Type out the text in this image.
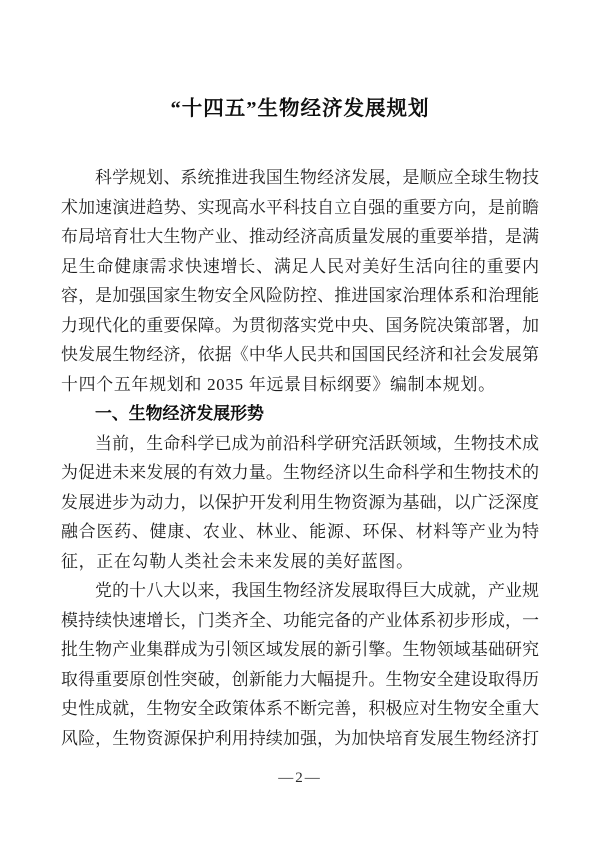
“十四五”生物经济发展规划
科学规划、系统推进我国生物经济发展，是顺应全球生物技
术加速演进趋势、实现高水平科技自立自强的重要方向，是前瞻
布局培育壮大生物产业、推动经济高质量发展的重要举措，是满
足生命健康需求快速增长、满足人民对美好生活向往的重要内
容，是加强国家生物安全风险防控、推进国家治理体系和治理能
力现代化的重要保障。为贯彻落实党中央、国务院决策部署，加
快发展生物经济，依据《中华人民共和国国民经济和社会发展第
十四个五年规划和 2035 年远景目标纲要》编制本规划。
一、生物经济发展形势
当前，生命科学已成为前沿科学研究活跃领域，生物技术成
为促进未来发展的有效力量。生物经济以生命科学和生物技术的
发展进步为动力，以保护开发利用生物资源为基础，以广泛深度
融合医药、健康、农业、林业、能源、环保、材料等产业为特
征，正在勾勒人类社会未来发展的美好蓝图。
党的十八大以来，我国生物经济发展取得巨大成就，产业规
模持续快速增长，门类齐全、功能完备的产业体系初步形成，一
批生物产业集群成为引领区域发展的新引擎。生物领域基础研究
取得重要原创性突破，创新能力大幅提升。生物安全建设取得历
史性成就，生物安全政策体系不断完善，积极应对生物安全重大
风险，生物资源保护利用持续加强，为加快培育发展生物经济打
—2—
